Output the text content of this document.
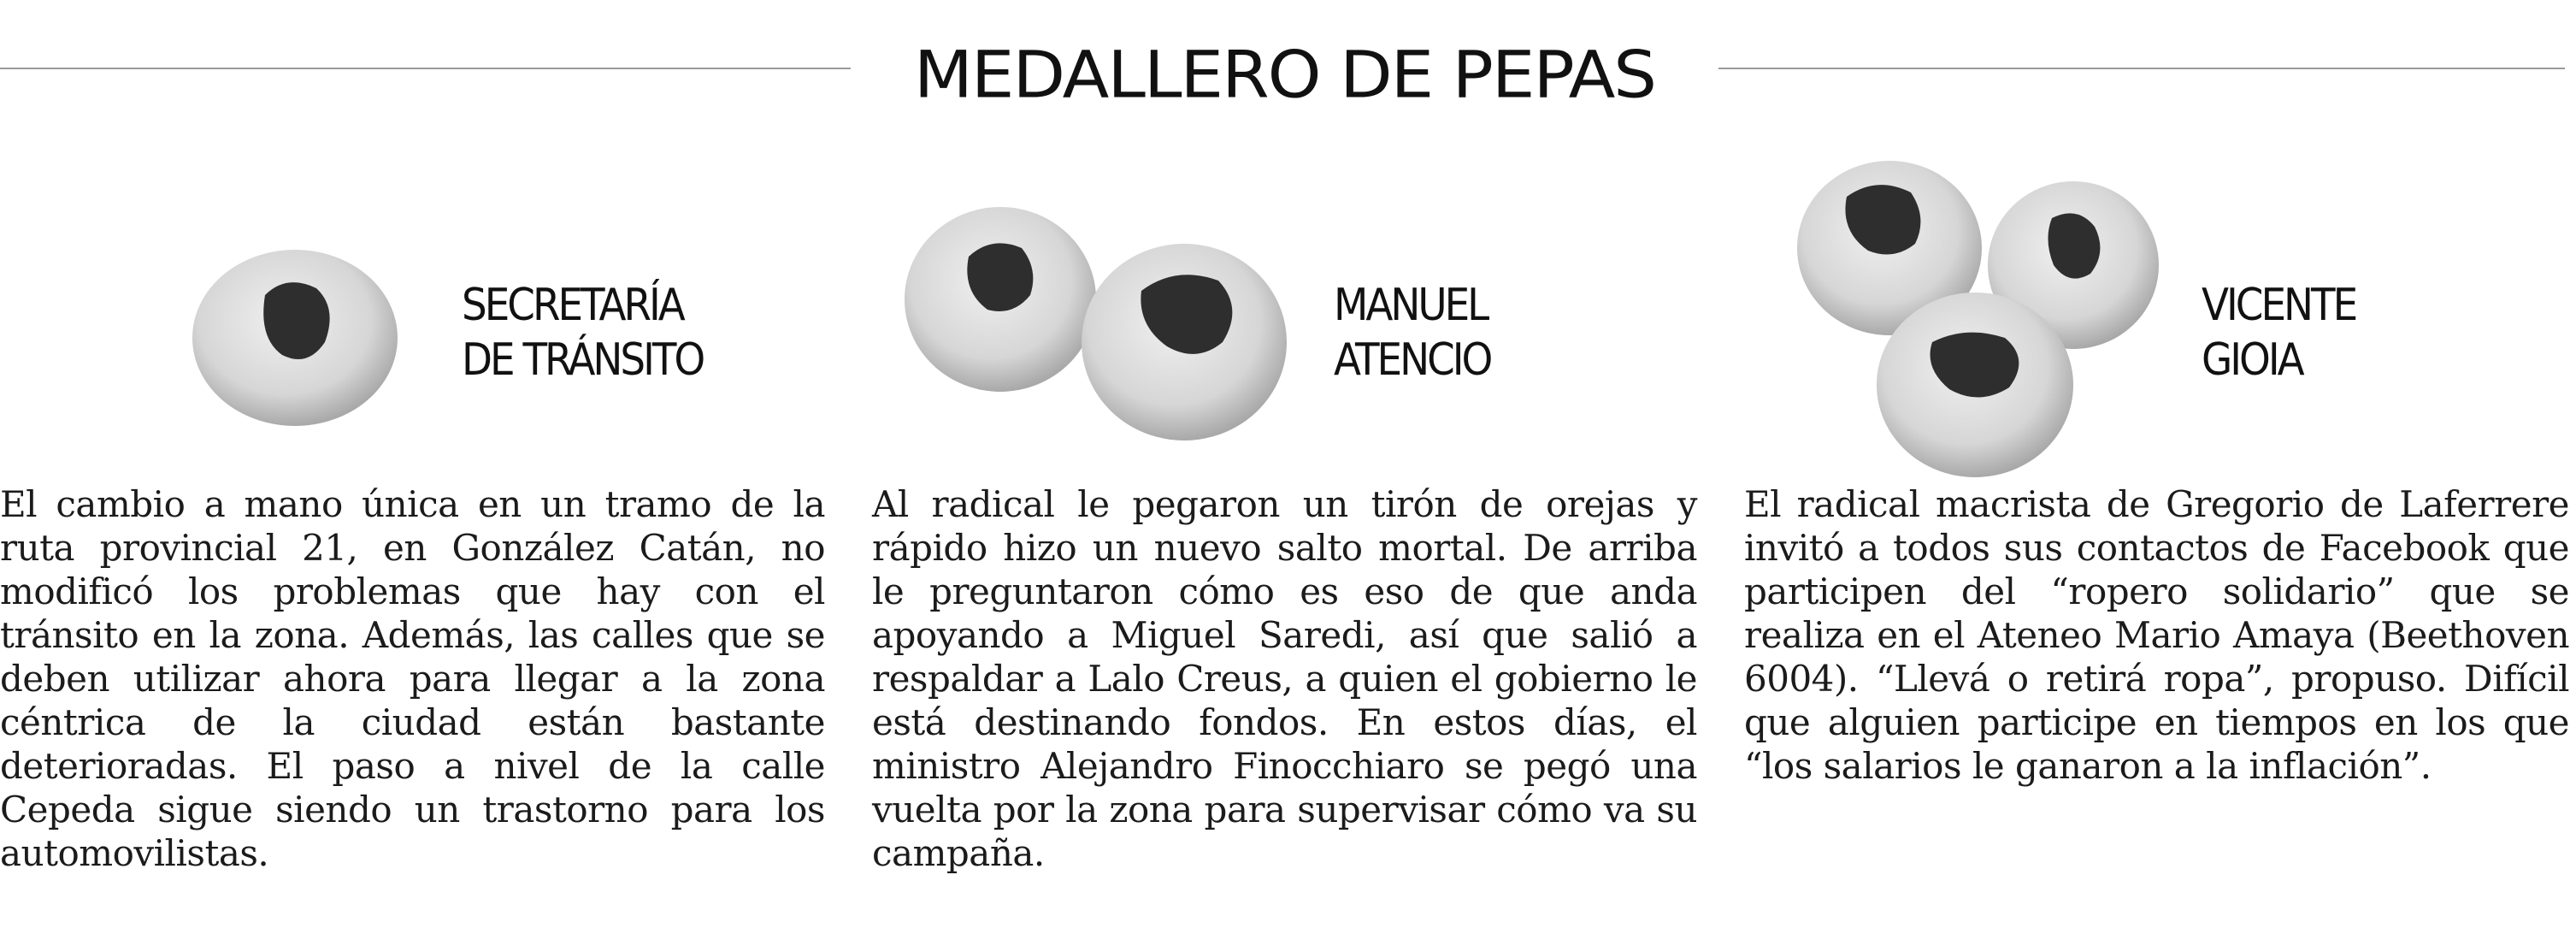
MEDALLERO DE PEPAS
SECRETARÍA
DE TRÁNSITO
El cambio a mano única en un tramo de la ruta provincial 21, en González Catán, no modificó los problemas que hay con el tránsito en la zona. Además, las calles que se deben utilizar ahora para llegar a la zona céntrica de la ciudad están bastante deterioradas. El paso a nivel de la calle Cepeda sigue siendo un trastorno para los automovilistas.
MANUEL
ATENCIO
Al radical le pegaron un tirón de orejas y rápido hizo un nuevo salto mortal. De arriba le preguntaron cómo es eso de que anda apoyando a Miguel Saredi, así que salió a respaldar a Lalo Creus, a quien el gobierno le está destinando fondos. En estos días, el ministro Alejandro Finocchiaro se pegó una vuelta por la zona para supervisar cómo va su campaña.
VICENTE
GIOIA
El radical macrista de Gregorio de Laferrere invitó a todos sus contactos de Facebook que participen del “ropero solidario” que se realiza en el Ateneo Mario Amaya (Beethoven 6004). “Llevá o retirá ropa”, propuso. Difícil que alguien participe en tiempos en los que “los salarios le ganaron a la inflación”.
